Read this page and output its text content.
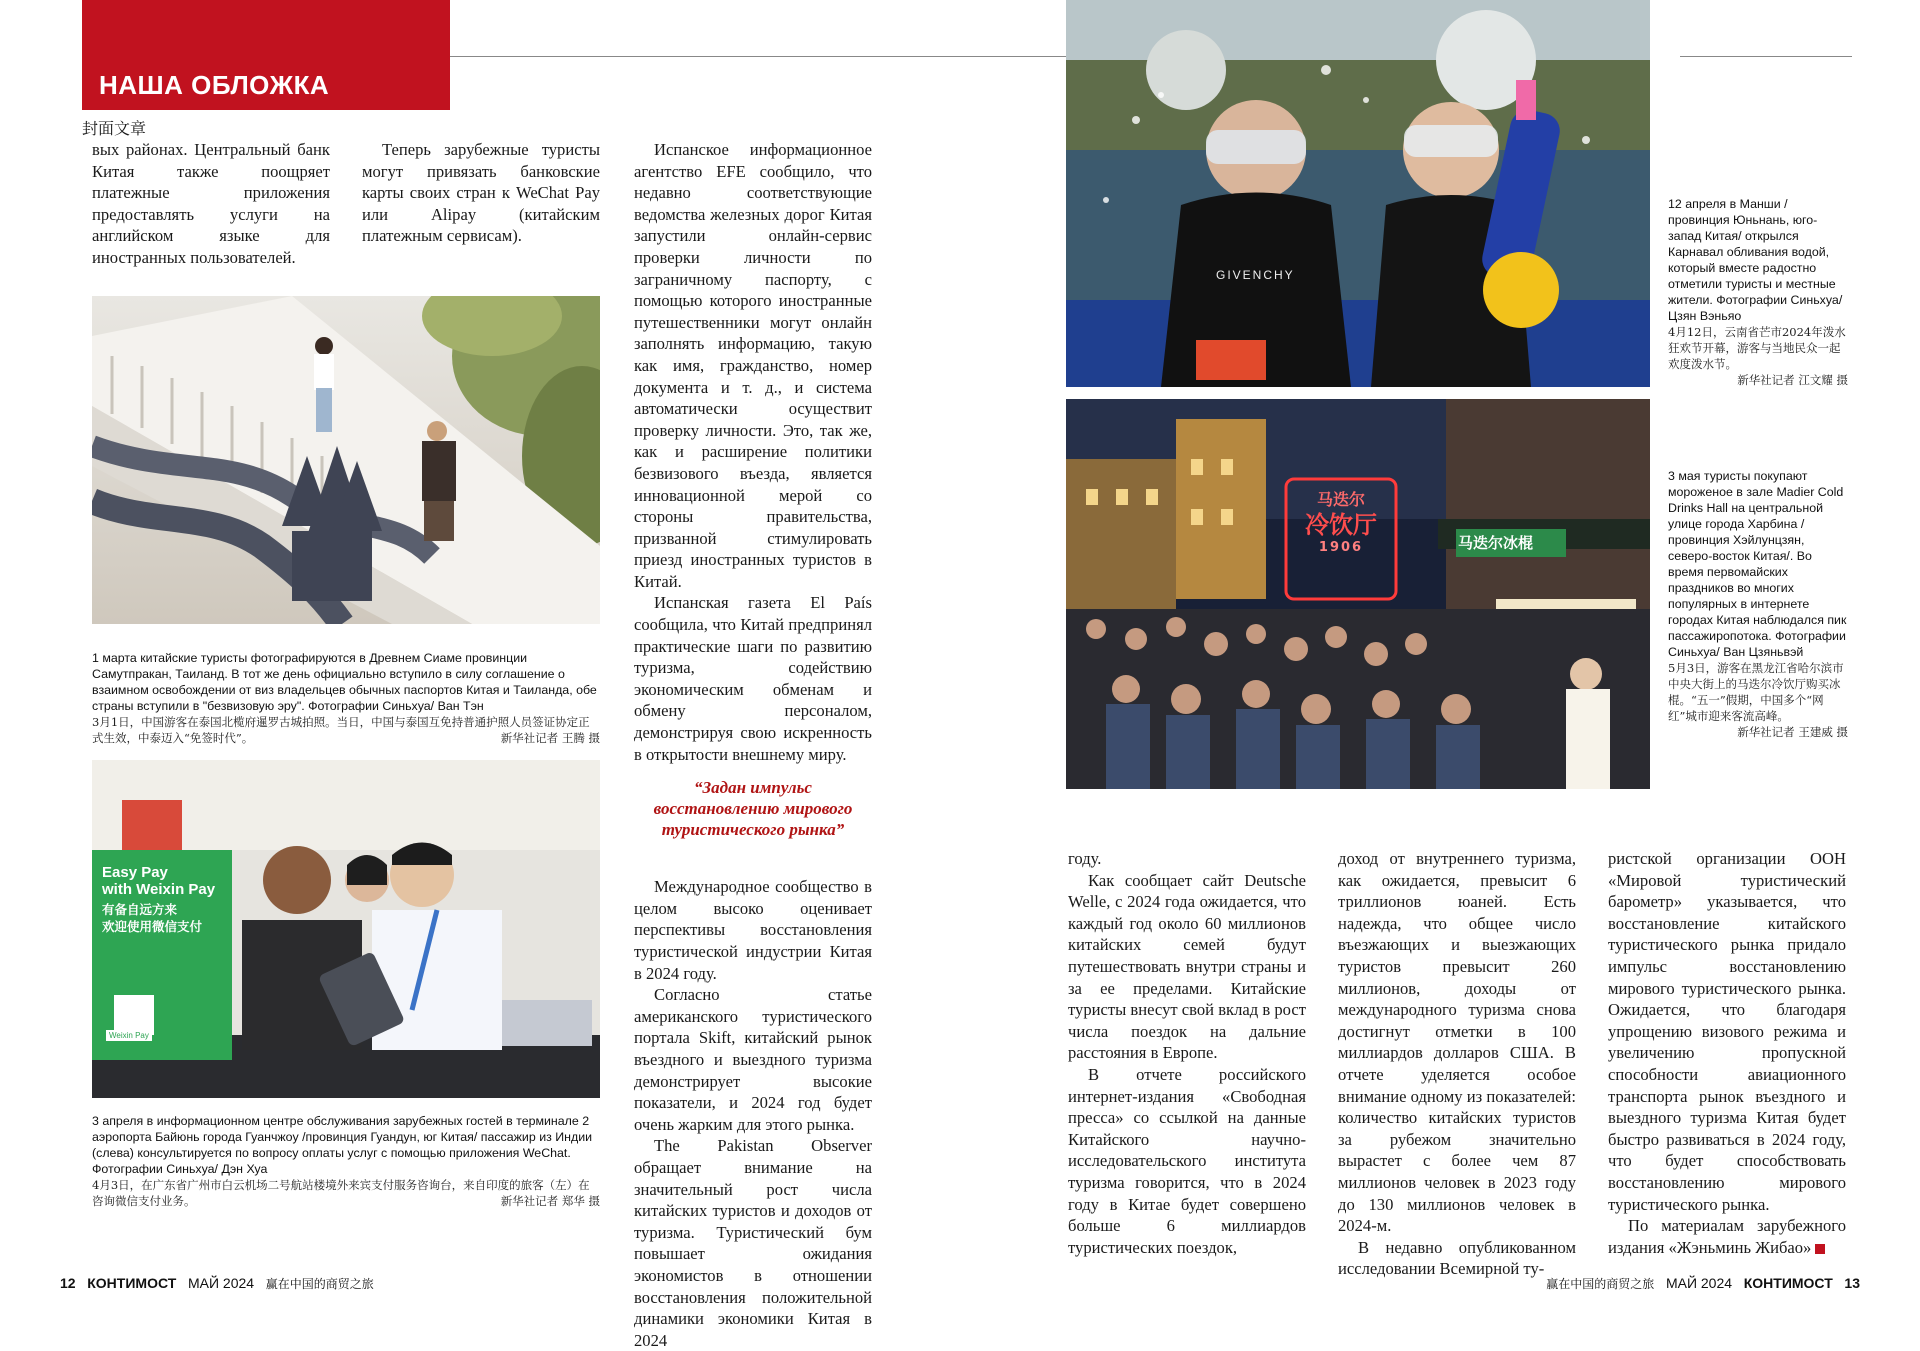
НАША ОБЛОЖКА
封面文章

вых районах. Центральный банк Китая также поощряет платежные приложения предоставлять услуги на английском языке для иностранных пользователей.

Теперь зарубежные туристы могут привязать банковские карты своих стран к WeChat Pay или Alipay (китайским платежным сервисам).

Испанское информационное агентство EFE сообщило, что недавно соответствующие ведомства железных дорог Китая запустили онлайн-сервис проверки личности по заграничному паспорту, с помощью которого иностранные путешественники могут онлайн заполнять информацию, такую как имя, гражданство, номер документа и т. д., и система автоматически осуществит проверку личности. Это, так же, как и расширение политики безвизового въезда, является инновационной мерой со стороны правительства, призванной стимулировать приезд иностранных туристов в Китай.

Испанская газета El País сообщила, что Китай предпринял практические шаги по развитию туризма, содействию экономическим обменам и обмену персоналом, демонстрируя свою искренность в открытости внешнему миру.

“Задан импульс восстановлению мирового туристического рынка”

Международное сообщество в целом высоко оценивает перспективы восстановления туристической индустрии Китая в 2024 году.

Согласно статье американского туристического портала Skift, китайский рынок въездного и выездного туризма демонстрирует высокие показатели, и 2024 год будет очень жарким для этого рынка.

The Pakistan Observer обращает внимание на значительный рост числа китайских туристов и доходов от туризма. Туристический бум повышает ожидания экономистов в отношении восстановления положительной динамики экономики Китая в 2024

1 марта китайские туристы фотографируются в Древнем Сиаме провинции Самутпракан, Таиланд. В тот же день официально вступило в силу соглашение о взаимном освобождении от виз владельцев обычных паспортов Китая и Таиланда, обе страны вступили в "безвизовую эру". Фотографии Синьхуа/ Ван Тэн

3月1日，中国游客在泰国北榄府暹罗古城拍照。当日，中国与泰国互免持普通护照人员签证协定正式生效，中泰迈入“免签时代”。	新华社记者 王腾 摄

Easy Pay
with Weixin Pay
有备自远方来
欢迎使用微信支付
Weixin Pay

3 апреля в информационном центре обслуживания зарубежных гостей в терминале 2 аэропорта Байюнь города Гуанчжоу /провинция Гуандун, юг Китая/ пассажир из Индии (слева) консультируется по вопросу оплаты услуг с помощью приложения WeChat. Фотографии Синьхуа/ Дэн Хуа

4月3日，在广东省广州市白云机场二号航站楼境外来宾支付服务咨询台，来自印度的旅客（左）在咨询微信支付业务。	新华社记者 郑华 摄

GIVENCHY

12 апреля в Манши /провинция Юньнань, юго-запад Китая/ открылся Карнавал обливания водой, который вместе радостно отметили туристы и местные жители. Фотографии Синьхуа/ Цзян Вэньяо

4月12日，云南省芒市2024年泼水狂欢节开幕，游客与当地民众一起欢度泼水节。

新华社记者 江文耀 摄

马迭尔
冷饮厅
1906	马迭尔冰棍

3 мая туристы покупают мороженое в зале Madier Cold Drinks Hall на центральной улице города Харбина /провинция Хэйлунцзян, северо-восток Китая/. Во время первомайских праздников во многих популярных в интернете городах Китая наблюдался пик пассажиропотока. Фотографии Синьхуа/ Ван Цзяньвэй

5月3日，游客在黑龙江省哈尔滨市中央大街上的马迭尔冷饮厅购买冰棍。“五一”假期，中国多个“网红”城市迎来客流高峰。

新华社记者 王建威 摄

году.

Как сообщает сайт Deutsche Welle, с 2024 года ожидается, что каждый год около 60 миллионов китайских семей будут путешествовать внутри страны и за ее пределами. Китайские туристы внесут свой вклад в рост числа поездок на дальние расстояния в Европе.

В отчете российского интернет-издания «Свободная пресса» со ссылкой на данные Китайского научно-исследовательского института туризма говорится, что в 2024 году в Китае будет совершено больше 6 миллиардов туристических поездок,

доход от внутреннего туризма, как ожидается, превысит 6 триллионов юаней. Есть надежда, что общее число въезжающих и выезжающих туристов превысит 260 миллионов, доходы от международного туризма снова достигнут отметки в 100 миллиардов долларов США. В отчете уделяется особое внимание одному из показателей: количество китайских туристов за рубежом значительно вырастет с более чем 87 миллионов человек в 2023 году до 130 миллионов человек в 2024-м.

В недавно опубликованном исследовании Всемирной ту-

ристской организации ООН «Мировой туристический барометр» указывается, что восстановление китайского туристического рынка придало импульс восстановлению мирового туристического рынка. Ожидается, что благодаря упрощению визового режима и увеличению пропускной способности авиационного транспорта рынок въездного и выездного туризма Китая будет быстро развиваться в 2024 году, что будет способствовать восстановлению мирового туристического рынка.

По материалам зарубежного издания «Жэньминь Жибао»

12 КОНТИМОСТ МАЙ 2024 赢在中国的商贸之旅	赢在中国的商贸之旅 МАЙ 2024 КОНТИМОСТ 13
